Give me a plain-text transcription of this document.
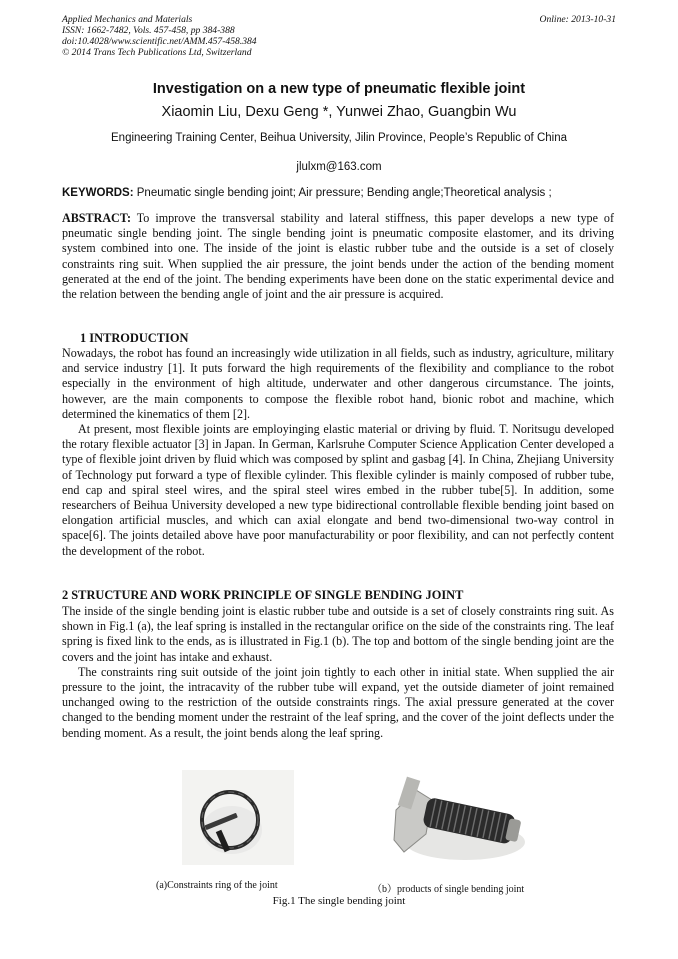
Applied Mechanics and Materials
ISSN: 1662-7482, Vols. 457-458, pp 384-388
doi:10.4028/www.scientific.net/AMM.457-458.384
© 2014 Trans Tech Publications Ltd, Switzerland
Online: 2013-10-31
Investigation on a new type of pneumatic flexible joint
Xiaomin Liu, Dexu Geng *, Yunwei Zhao, Guangbin Wu
Engineering Training Center, Beihua University, Jilin Province, People’s Republic of China
jlulxm@163.com
KEYWORDS: Pneumatic single bending joint; Air pressure; Bending angle;Theoretical analysis ;

ABSTRACT: To improve the transversal stability and lateral stiffness, this paper develops a new type of pneumatic single bending joint. The single bending joint is pneumatic composite elastomer, and its driving system combined into one. The inside of the joint is elastic rubber tube and the outside is a set of closely constraints ring suit. When supplied the air pressure, the joint bends under the action of the bending moment generated at the end of the joint. The bending experiments have been done on the static experimental device and the relation between the bending angle of joint and the air pressure is acquired.

1 INTRODUCTION

Nowadays, the robot has found an increasingly wide utilization in all fields, such as industry, agriculture, military and service industry [1]. It puts forward the high requirements of the flexibility and compliance to the robot especially in the environment of high altitude, underwater and other dangerous circumstance. The joints, however, are the main components to compose the flexible robot hand, bionic robot and machine, which determined the kinematics of them [2].

At present, most flexible joints are employinging elastic material or driving by fluid. T. Noritsugu developed the rotary flexible actuator [3] in Japan. In German, Karlsruhe Computer Science Application Center developed a type of flexible joint driven by fluid which was composed by splint and gasbag [4]. In China, Zhejiang University of Technology put forward a type of flexible cylinder. This flexible cylinder is mainly composed of rubber tube, end cap and spiral steel wires, and the spiral steel wires embed in the rubber tube[5]. In addition, some researchers of Beihua University developed a new type bidirectional controllable flexible bending joint based on elongation artificial muscles, and which can axial elongate and bend two-dimensional two-way control in space[6]. The joints detailed above have poor manufacturability or poor flexibility, and can not perfectly content the development of the robot.

2 STRUCTURE AND WORK PRINCIPLE OF SINGLE BENDING JOINT

The inside of the single bending joint is elastic rubber tube and outside is a set of closely constraints ring suit. As shown in Fig.1 (a), the leaf spring is installed in the rectangular orifice on the side of the constraints ring. The leaf spring is fixed link to the ends, as is illustrated in Fig.1 (b). The top and bottom of the single bending joint are the covers and the joint has intake and exhaust.

The constraints ring suit outside of the joint join tightly to each other in initial state. When supplied the air pressure to the joint, the intracavity of the rubber tube will expand, yet the outside diameter of joint remained unchanged owing to the restriction of the outside constraints rings. The axial pressure generated at the cover changed to the bending moment under the restraint of the leaf spring, and the cover of the joint deflects under the bending moment. As a result, the joint bends along the leaf spring.

(a)Constraints ring of the joint	（b）products of single bending joint
Fig.1 The single bending joint
